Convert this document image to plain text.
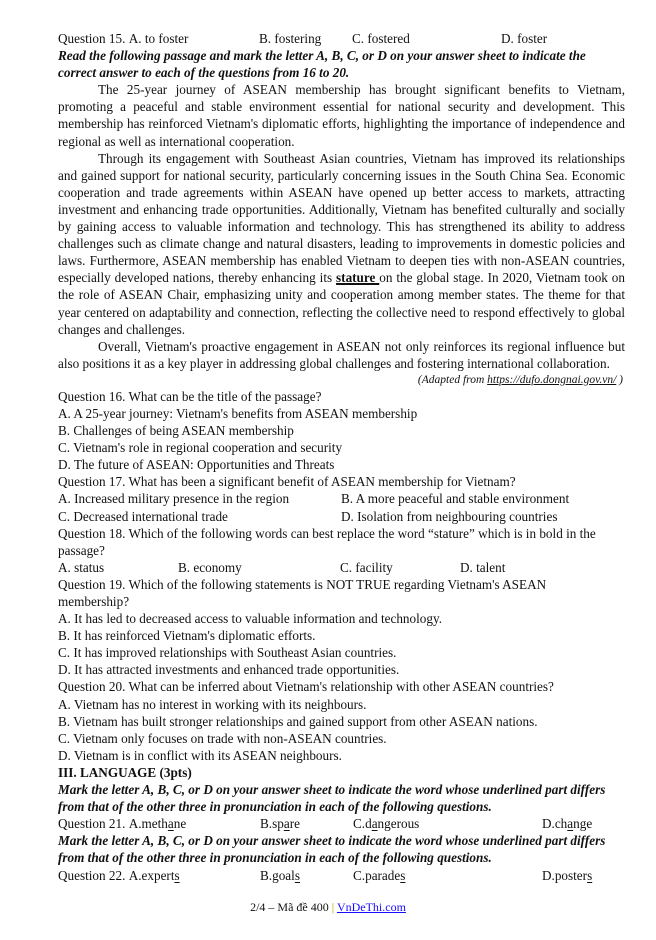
Question 15. A. to foster	B. fostering	C. fostered	D. foster
Read the following passage and mark the letter A, B, C, or D on your answer sheet to indicate the
correct answer to each of the questions from 16 to 20.
The 25-year journey of ASEAN membership has brought significant benefits to Vietnam, promoting a peaceful and stable environment essential for national security and development. This membership has reinforced Vietnam's diplomatic efforts, highlighting the importance of independence and regional as well as international cooperation.
Through its engagement with Southeast Asian countries, Vietnam has improved its relationships and gained support for national security, particularly concerning issues in the South China Sea. Economic cooperation and trade agreements within ASEAN have opened up better access to markets, attracting investment and enhancing trade opportunities. Additionally, Vietnam has benefited culturally and socially by gaining access to valuable information and technology. This has strengthened its ability to address challenges such as climate change and natural disasters, leading to improvements in domestic policies and laws. Furthermore, ASEAN membership has enabled Vietnam to deepen ties with non-ASEAN countries, especially developed nations, thereby enhancing its stature on the global stage. In 2020, Vietnam took on the role of ASEAN Chair, emphasizing unity and cooperation among member states. The theme for that year centered on adaptability and connection, reflecting the collective need to respond effectively to global changes and challenges.
Overall, Vietnam's proactive engagement in ASEAN not only reinforces its regional influence but also positions it as a key player in addressing global challenges and fostering international collaboration.
(Adapted from https://dufo.dongnai.gov.vn/ )
Question 16. What can be the title of the passage?
A. A 25-year journey: Vietnam's benefits from ASEAN membership
B. Challenges of being ASEAN membership
C. Vietnam's role in regional cooperation and security
D. The future of ASEAN: Opportunities and Threats
Question 17. What has been a significant benefit of ASEAN membership for Vietnam?
A. Increased military presence in the region	B. A more peaceful and stable environment
C. Decreased international trade	D. Isolation from neighbouring countries
Question 18. Which of the following words can best replace the word “stature” which is in bold in the passage?
A. status	B. economy	C. facility	D. talent
Question 19. Which of the following statements is NOT TRUE regarding Vietnam's ASEAN membership?
A. It has led to decreased access to valuable information and technology.
B. It has reinforced Vietnam's diplomatic efforts.
C. It has improved relationships with Southeast Asian countries.
D. It has attracted investments and enhanced trade opportunities.
Question 20. What can be inferred about Vietnam's relationship with other ASEAN countries?
A. Vietnam has no interest in working with its neighbours.
B. Vietnam has built stronger relationships and gained support from other ASEAN nations.
C. Vietnam only focuses on trade with non-ASEAN countries.
D. Vietnam is in conflict with its ASEAN neighbours.
III. LANGUAGE (3pts)
Mark the letter A, B, C, or D on your answer sheet to indicate the word whose underlined part differs
from that of the other three in pronunciation in each of the following questions.
Question 21. A.methane	B.spare	C.dangerous	D.change
Mark the letter A, B, C, or D on your answer sheet to indicate the word whose underlined part differs
from that of the other three in pronunciation in each of the following questions.
Question 22. A.experts	B.goals	C.parades	D.posters
2/4 – Mã đề 400 | VnDeThi.com
